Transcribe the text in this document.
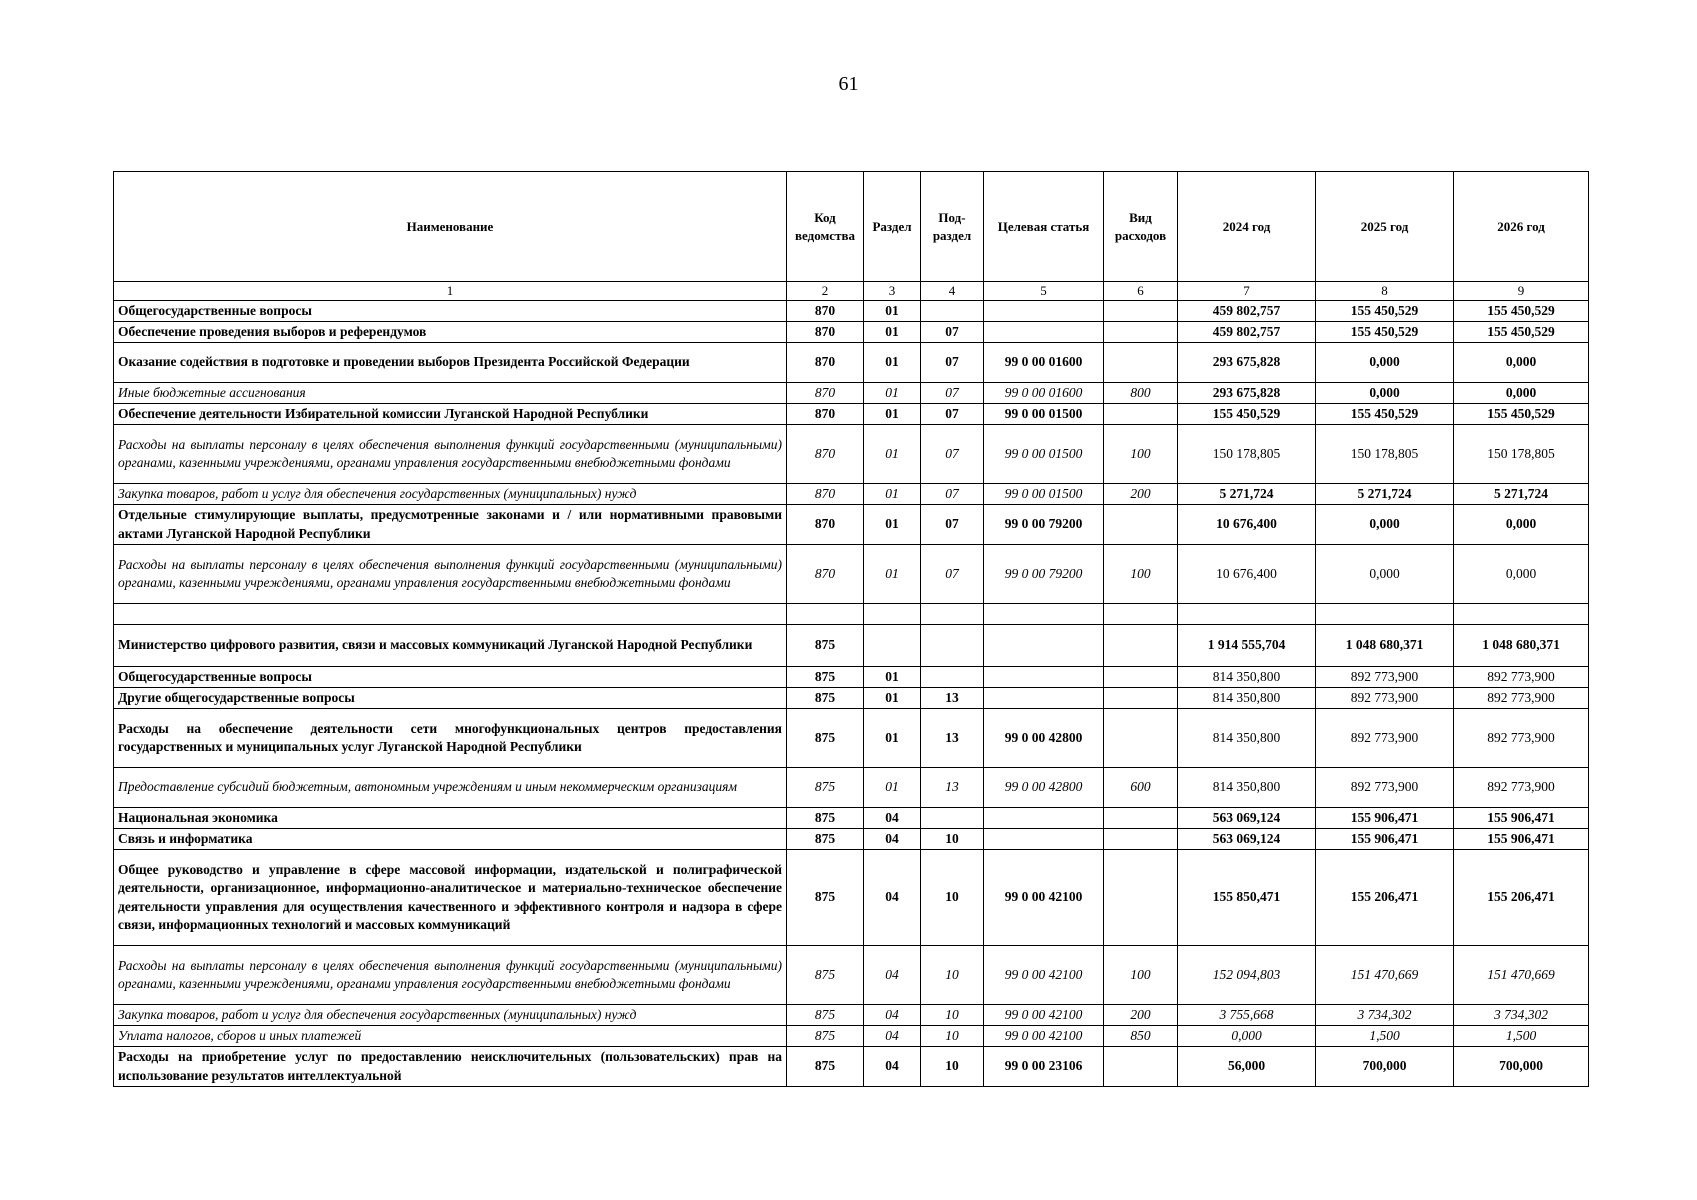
61
Наименование	Код ведомства	Раздел	Под-раздел	Целевая статья	Вид расходов	2024 год	2025 год	2026 год
1	2	3	4	5	6	7	8	9
Общегосударственные вопросы	870	01				459 802,757	155 450,529	155 450,529
Обеспечение проведения выборов и референдумов	870	01	07			459 802,757	155 450,529	155 450,529
Оказание содействия в подготовке и проведении выборов Президента Российской Федерации	870	01	07	99 0 00 01600		293 675,828	0,000	0,000
Иные бюджетные ассигнования	870	01	07	99 0 00 01600	800	293 675,828	0,000	0,000
Обеспечение деятельности Избирательной комиссии Луганской Народной Республики	870	01	07	99 0 00 01500		155 450,529	155 450,529	155 450,529
Расходы на выплаты персоналу в целях обеспечения выполнения функций государственными (муниципальными) органами, казенными учреждениями, органами управления государственными внебюджетными фондами	870	01	07	99 0 00 01500	100	150 178,805	150 178,805	150 178,805
Закупка товаров, работ и услуг для обеспечения государственных (муниципальных) нужд	870	01	07	99 0 00 01500	200	5 271,724	5 271,724	5 271,724
Отдельные стимулирующие выплаты, предусмотренные законами и / или нормативными правовыми актами Луганской Народной Республики	870	01	07	99 0 00 79200		10 676,400	0,000	0,000
Расходы на выплаты персоналу в целях обеспечения выполнения функций государственными (муниципальными) органами, казенными учреждениями, органами управления государственными внебюджетными фондами	870	01	07	99 0 00 79200	100	10 676,400	0,000	0,000

Министерство цифрового развития, связи и массовых коммуникаций Луганской Народной Республики	875					1 914 555,704	1 048 680,371	1 048 680,371
Общегосударственные вопросы	875	01				814 350,800	892 773,900	892 773,900
Другие общегосударственные вопросы	875	01	13			814 350,800	892 773,900	892 773,900
Расходы на обеспечение деятельности сети многофункциональных центров предоставления государственных и муниципальных услуг Луганской Народной Республики	875	01	13	99 0 00 42800		814 350,800	892 773,900	892 773,900
Предоставление субсидий бюджетным, автономным учреждениям и иным некоммерческим организациям	875	01	13	99 0 00 42800	600	814 350,800	892 773,900	892 773,900
Национальная экономика	875	04				563 069,124	155 906,471	155 906,471
Связь и информатика	875	04	10			563 069,124	155 906,471	155 906,471
Общее руководство и управление в сфере массовой информации, издательской и полиграфической деятельности, организационное, информационно-аналитическое и материально-техническое обеспечение деятельности управления для осуществления качественного и эффективного контроля и надзора в сфере связи, информационных технологий и массовых коммуникаций	875	04	10	99 0 00 42100		155 850,471	155 206,471	155 206,471
Расходы на выплаты персоналу в целях обеспечения выполнения функций государственными (муниципальными) органами, казенными учреждениями, органами управления государственными внебюджетными фондами	875	04	10	99 0 00 42100	100	152 094,803	151 470,669	151 470,669
Закупка товаров, работ и услуг для обеспечения государственных (муниципальных) нужд	875	04	10	99 0 00 42100	200	3 755,668	3 734,302	3 734,302
Уплата налогов, сборов и иных платежей	875	04	10	99 0 00 42100	850	0,000	1,500	1,500
Расходы на приобретение услуг по предоставлению неисключительных (пользовательских) прав на использование результатов интеллектуальной	875	04	10	99 0 00 23106		56,000	700,000	700,000
